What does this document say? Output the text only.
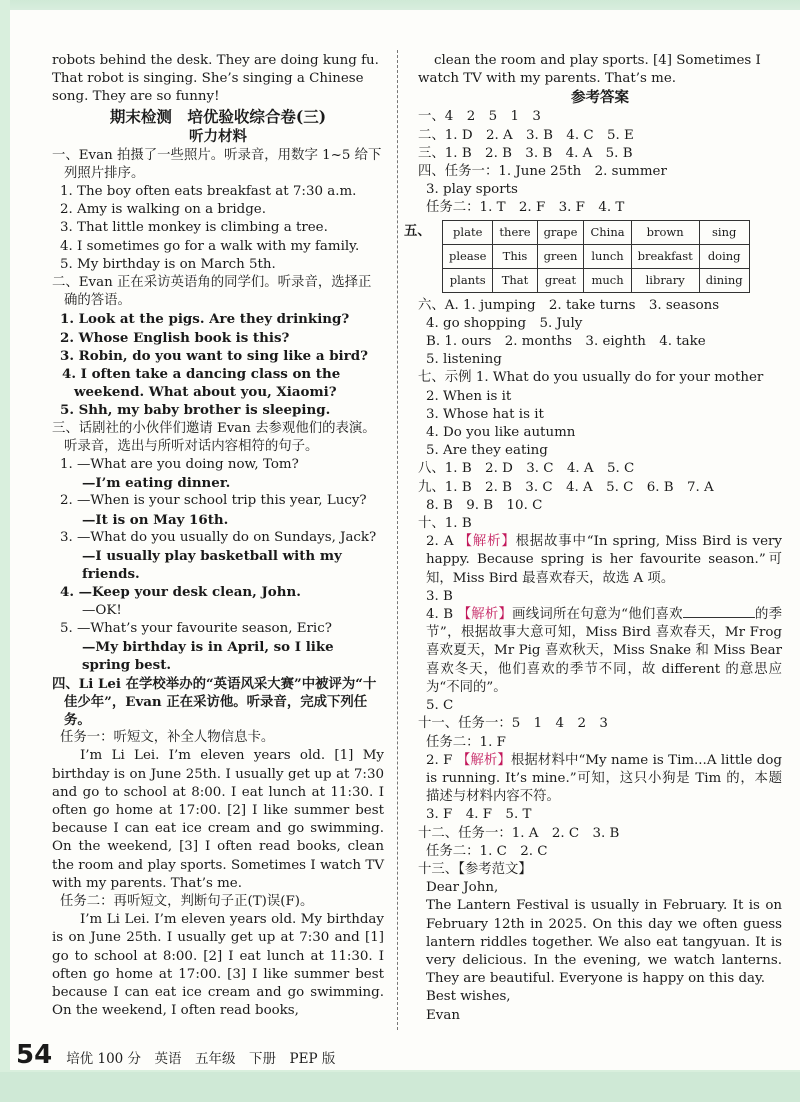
robots behind the desk. They are doing kung fu.

That robot is singing. She’s singing a Chinese

song. They are so funny!

期末检测　培优验收综合卷(三)

听力材料

一、Evan 拍摄了一些照片。听录音，用数字 1~5 给下列照片排序。

1. The boy often eats breakfast at 7:30 a.m.

2. Amy is walking on a bridge.

3. That little monkey is climbing a tree.

4. I sometimes go for a walk with my family.

5. My birthday is on March 5th.

二、Evan 正在采访英语角的同学们。听录音，选择正确的答语。

1. Look at the pigs. Are they drinking?

2. Whose English book is this?

3. Robin, do you want to sing like a bird?

4. I often take a dancing class on the weekend. What about you, Xiaomi?

5. Shh, my baby brother is sleeping.

三、话剧社的小伙伴们邀请 Evan 去参观他们的表演。听录音，选出与所听对话内容相符的句子。

1. —What are you doing now, Tom?

—I’m eating dinner.

2. —When is your school trip this year, Lucy?

—It is on May 16th.

3. —What do you usually do on Sundays, Jack?

—I usually play basketball with my friends.

4. —Keep your desk clean, John.

—OK!

5. —What’s your favourite season, Eric?

—My birthday is in April, so I like spring best.

四、Li Lei 在学校举办的“英语风采大赛”中被评为“十佳少年”，Evan 正在采访他。听录音，完成下列任务。

任务一：听短文，补全人物信息卡。

I’m Li Lei. I’m eleven years old. [1] My birthday is on June 25th. I usually get up at 7:30 and go to school at 8:00. I eat lunch at 11:30. I often go home at 17:00. [2] I like summer best because I can eat ice cream and go swimming. On the weekend, [3] I often read books, clean the room and play sports. Sometimes I watch TV with my parents. That’s me.

任务二：再听短文，判断句子正(T)误(F)。

I’m Li Lei. I’m eleven years old. My birthday is on June 25th. I usually get up at 7:30 and [1] go to school at 8:00. [2] I eat lunch at 11:30. I often go home at 17:00. [3] I like summer best because I can eat ice cream and go swimming. On the weekend, I often read books,

clean the room and play sports. [4] Sometimes I watch TV with my parents. That’s me.

参考答案

一、4　2　5　1　3

二、1. D　2. A　3. B　4. C　5. E

三、1. B　2. B　3. B　4. A　5. B

四、任务一：1. June 25th　2. summer

3. play sports

任务二：1. T　2. F　3. F　4. T

五、 plate	there	grape	China	brown	sing
please	This	green	lunch	breakfast	doing
plants	That	great	much	library	dining

六、A. 1. jumping　2. take turns　3. seasons

4. go shopping　5. July

B. 1. ours　2. months　3. eighth　4. take

5. listening

七、示例 1. What do you usually do for your mother

2. When is it

3. Whose hat is it

4. Do you like autumn

5. Are they eating

八、1. B　2. D　3. C　4. A　5. C

九、1. B　2. B　3. C　4. A　5. C　6. B　7. A

8. B　9. B　10. C

十、1. B

2. A 【解析】根据故事中“In spring, Miss Bird is very happy. Because spring is her favourite season.”可知，Miss Bird 最喜欢春天，故选 A 项。

3. B

4. B 【解析】画线词所在句意为“他们喜欢	的季节”，根据故事大意可知，Miss Bird 喜欢春天，Mr Frog 喜欢夏天，Mr Pig 喜欢秋天，Miss Snake 和 Miss Bear 喜欢冬天，他们喜欢的季节不同，故 different 的意思应为“不同的”。

5. C

十一、任务一：5　1　4　2　3

任务二：1. F

2. F 【解析】根据材料中“My name is Tim...A little dog is running. It’s mine.”可知，这只小狗是 Tim 的，本题描述与材料内容不符。

3. F　4. F　5. T

十二、任务一：1. A　2. C　3. B

任务二：1. C　2. C

十三、【参考范文】

Dear John,

The Lantern Festival is usually in February. It is on February 12th in 2025. On this day we often guess lantern riddles together. We also eat tangyuan. It is very delicious. In the evening, we watch lanterns. They are beautiful. Everyone is happy on this day.

Best wishes,

Evan

54 培优 100 分　英语　五年级　下册　PEP 版
